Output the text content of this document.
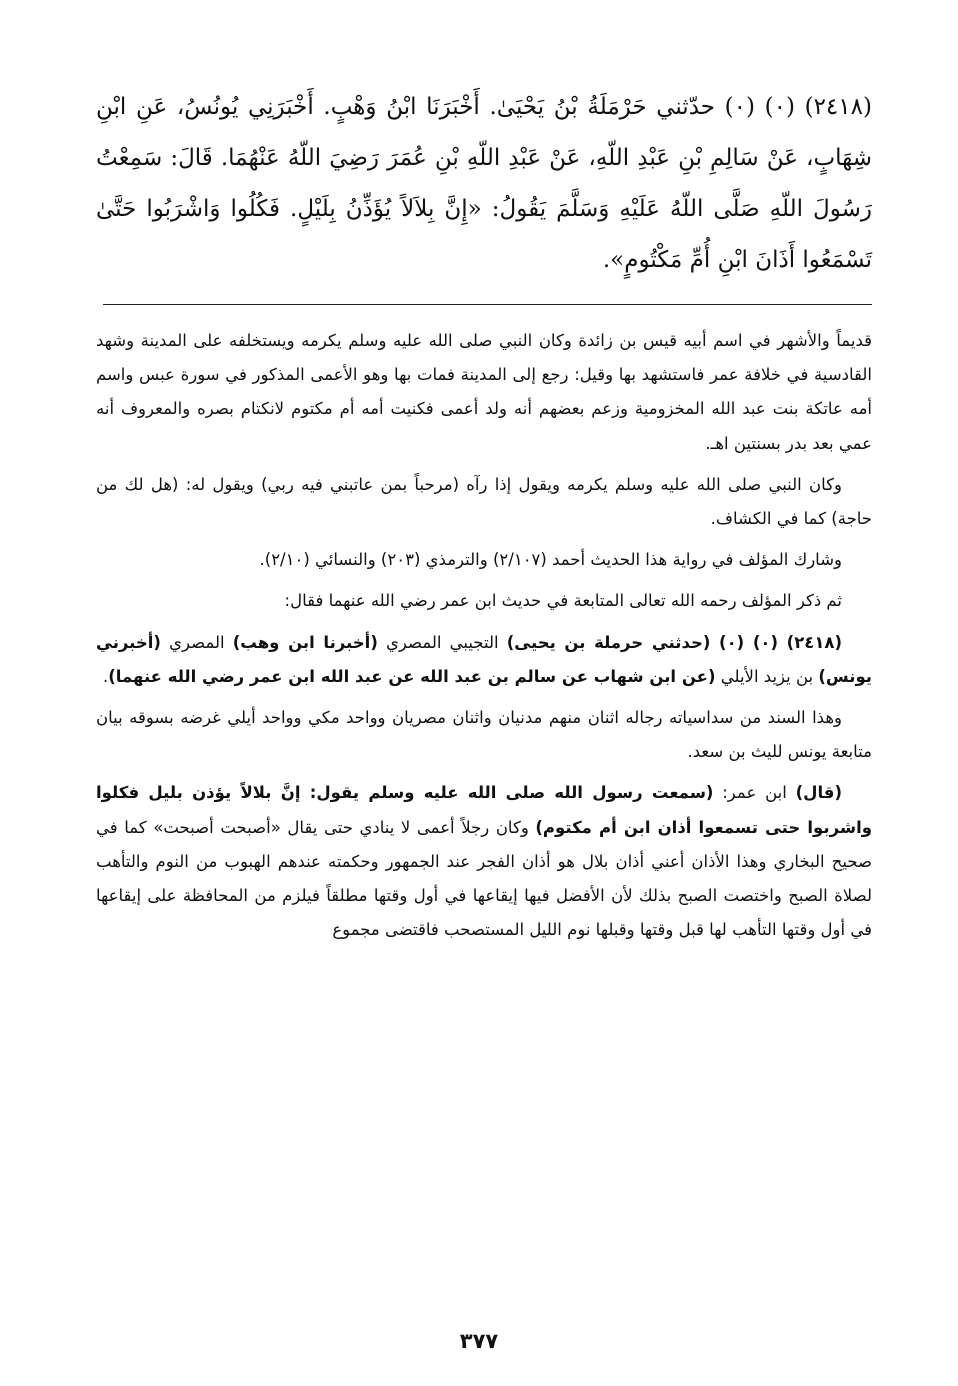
(٢٤١٨) (٠) (٠) حدّثني حَرْمَلَةُ بْنُ يَحْيَىٰ. أَخْبَرَنَا ابْنُ وَهْبٍ. أَخْبَرَنِي يُونُسُ، عَنِ ابْنِ شِهَابٍ، عَنْ سَالِمِ بْنِ عَبْدِ اللّهِ، عَنْ عَبْدِ اللّهِ بْنِ عُمَرَ رَضِيَ اللّهُ عَنْهُمَا. قَالَ: سَمِعْتُ رَسُولَ اللّهِ صَلَّى اللّهُ عَلَيْهِ وَسَلَّمَ يَقُولُ: «إِنَّ بِلاَلاً يُؤَذِّنُ بِلَيْلٍ. فَكُلُوا وَاشْرَبُوا حَتَّىٰ تَسْمَعُوا أَذَانَ ابْنِ أُمِّ مَكْتُومٍ».

قديماً والأشهر في اسم أبيه قيس بن زائدة وكان النبي صلى الله عليه وسلم يكرمه ويستخلفه على المدينة وشهد القادسية في خلافة عمر فاستشهد بها وقيل: رجع إلى المدينة فمات بها وهو الأعمى المذكور في سورة عبس واسم أمه عاتكة بنت عبد الله المخزومية وزعم بعضهم أنه ولد أعمى فكنيت أمه أم مكتوم لانكتام بصره والمعروف أنه عمي بعد بدر بسنتين اهـ.

وكان النبي صلى الله عليه وسلم يكرمه ويقول إذا رآه (مرحباً بمن عاتبني فيه ربي) ويقول له: (هل لك من حاجة) كما في الكشاف.

وشارك المؤلف في رواية هذا الحديث أحمد (٢/١٠٧) والترمذي (٢٠٣) والنسائي (٢/١٠).

ثم ذكر المؤلف رحمه الله تعالى المتابعة في حديث ابن عمر رضي الله عنهما فقال:

(٢٤١٨) (٠) (٠) (حدثني حرملة بن يحيى) التجيبي المصري (أخبرنا ابن وهب) المصري (أخبرني يونس) بن يزيد الأيلي (عن ابن شهاب عن سالم بن عبد الله عن عبد الله ابن عمر رضي الله عنهما).

وهذا السند من سداسياته رجاله اثنان منهم مدنيان واثنان مصريان وواحد مكي وواحد أيلي غرضه بسوقه بيان متابعة يونس لليث بن سعد.

(قال) ابن عمر: (سمعت رسول الله صلى الله عليه وسلم يقول: إنَّ بلالاً يؤذن بليل فكلوا واشربوا حتى تسمعوا أذان ابن أم مكتوم) وكان رجلاً أعمى لا ينادي حتى يقال «أصبحت أصبحت» كما في صحيح البخاري وهذا الأذان أعني أذان بلال هو أذان الفجر عند الجمهور وحكمته عندهم الهبوب من النوم والتأهب لصلاة الصبح واختصت الصبح بذلك لأن الأفضل فيها إيقاعها في أول وقتها مطلقاً فيلزم من المحافظة على إيقاعها في أول وقتها التأهب لها قبل وقتها وقبلها نوم الليل المستصحب فاقتضى مجموع

٣٧٧
